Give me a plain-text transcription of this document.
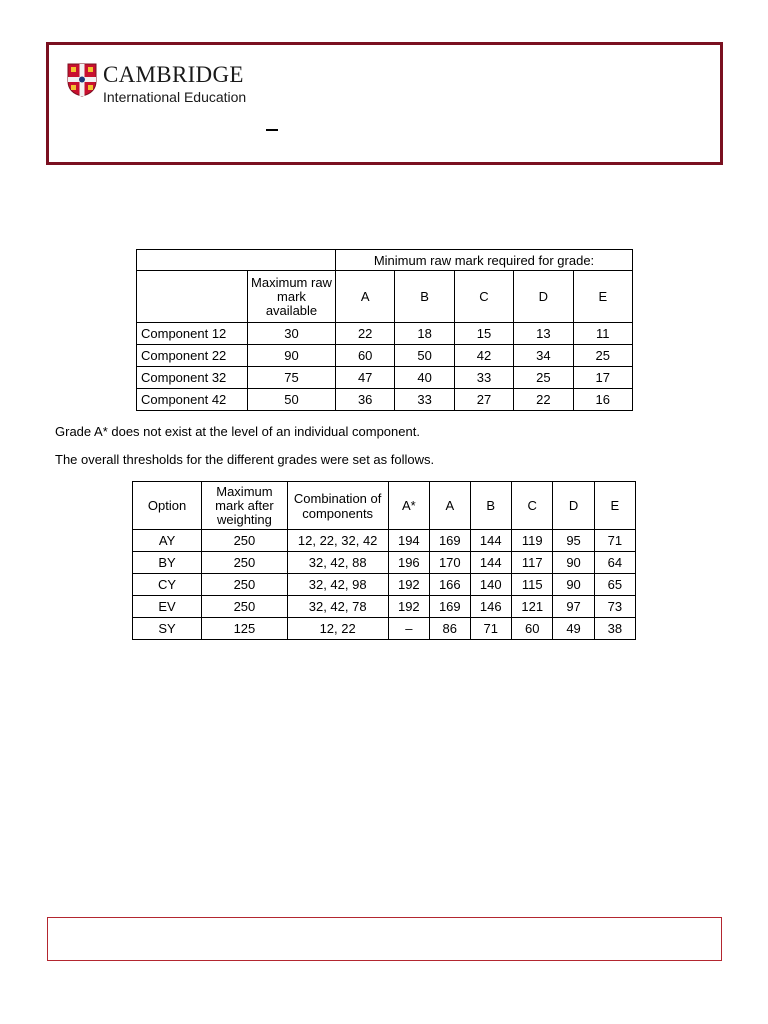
CAMBRIDGE
International Education
		Minimum raw mark required for grade:				

	Maximum raw mark available	A	B	C	D	E
Component 12	30	22	18	15	13	11
Component 22	90	60	50	42	34	25
Component 32	75	47	40	33	25	17
Component 42	50	36	33	27	22	16
Grade A* does not exist at the level of an individual component.
The overall thresholds for the different grades were set as follows.
Option	Maximum mark after weighting	Combination of components	A*	A	B	C	D	E
AY	250	12, 22, 32, 42	194	169	144	119	95	71
BY	250	32, 42, 88	196	170	144	117	90	64
CY	250	32, 42, 98	192	166	140	115	90	65
EV	250	32, 42, 78	192	169	146	121	97	73
SY	125	12, 22	–	86	71	60	49	38
